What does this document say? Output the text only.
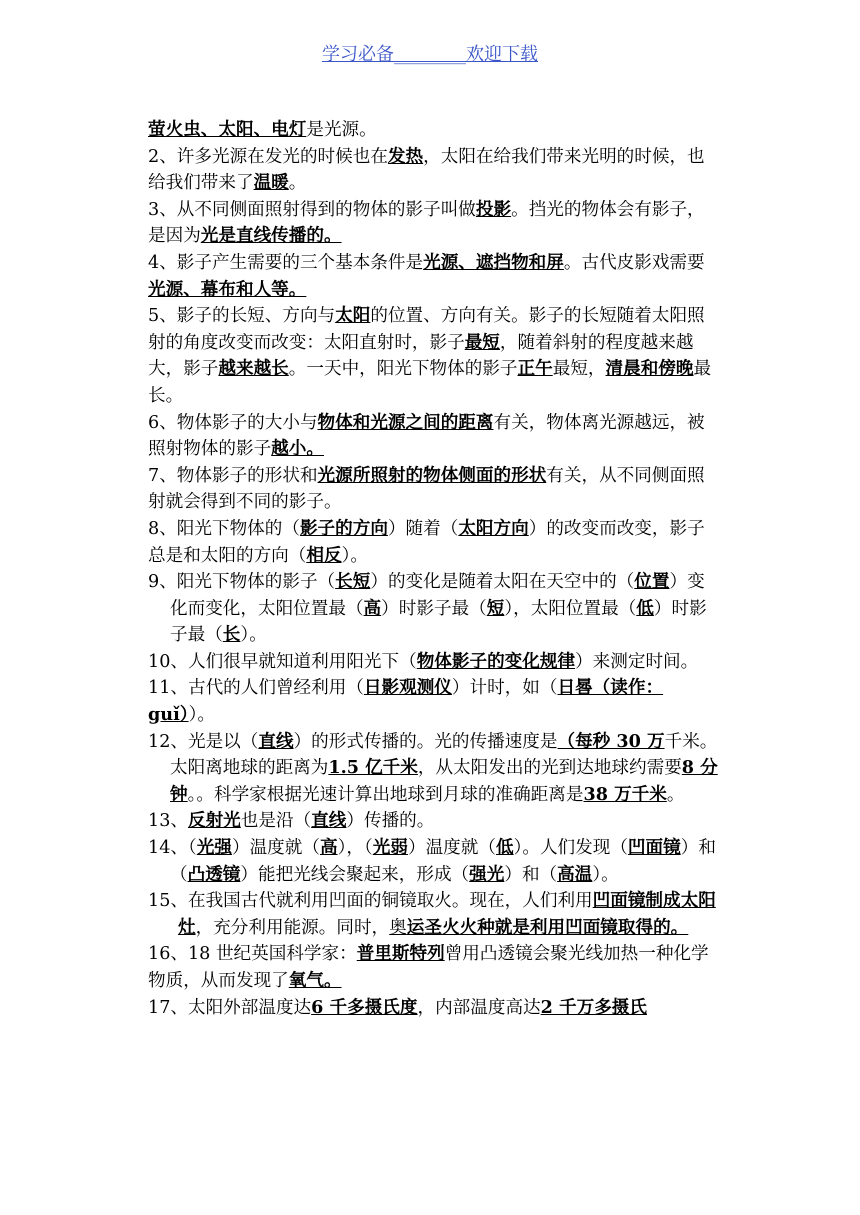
学习必备________欢迎下载

萤火虫、太阳、电灯是光源。

2、许多光源在发光的时候也在发热，太阳在给我们带来光明的时候，也给我们带来了温暖。

3、从不同侧面照射得到的物体的影子叫做投影。挡光的物体会有影子，是因为光是直线传播的。

4、影子产生需要的三个基本条件是光源、遮挡物和屏。古代皮影戏需要光源、幕布和人等。

5、影子的长短、方向与太阳的位置、方向有关。影子的长短随着太阳照射的角度改变而改变：太阳直射时，影子最短，随着斜射的程度越来越大，影子越来越长。一天中，阳光下物体的影子正午最短，清晨和傍晚最长。

6、物体影子的大小与物体和光源之间的距离有关，物体离光源越远，被照射物体的影子越小。

7、物体影子的形状和光源所照射的物体侧面的形状有关，从不同侧面照射就会得到不同的影子。

8、阳光下物体的（影子的方向）随着（太阳方向）的改变而改变，影子总是和太阳的方向（相反）。

9、阳光下物体的影子（长短）的变化是随着太阳在天空中的（位置）变化而变化，太阳位置最（高）时影子最（短），太阳位置最（低）时影子最（长）。

10、人们很早就知道利用阳光下（物体影子的变化规律）来测定时间。

11、古代的人们曾经利用（日影观测仪）计时，如（日晷（读作：guǐ））。

12、光是以（直线）的形式传播的。光的传播速度是（每秒 30 万千米。太阳离地球的距离为1.5 亿千米，从太阳发出的光到达地球约需要8 分钟。。科学家根据光速计算出地球到月球的准确距离是38 万千米。

13、反射光也是沿（直线）传播的。

14、（光强）温度就（高），（光弱）温度就（低）。人们发现（凹面镜）和（凸透镜）能把光线会聚起来，形成（强光）和（高温）。

15、在我国古代就利用凹面的铜镜取火。现在，人们利用凹面镜制成太阳灶，充分利用能源。同时，奥运圣火火种就是利用凹面镜取得的。

16、18 世纪英国科学家：普里斯特列曾用凸透镜会聚光线加热一种化学物质，从而发现了氧气。

17、太阳外部温度达6 千多摄氏度，内部温度高达2 千万多摄氏
